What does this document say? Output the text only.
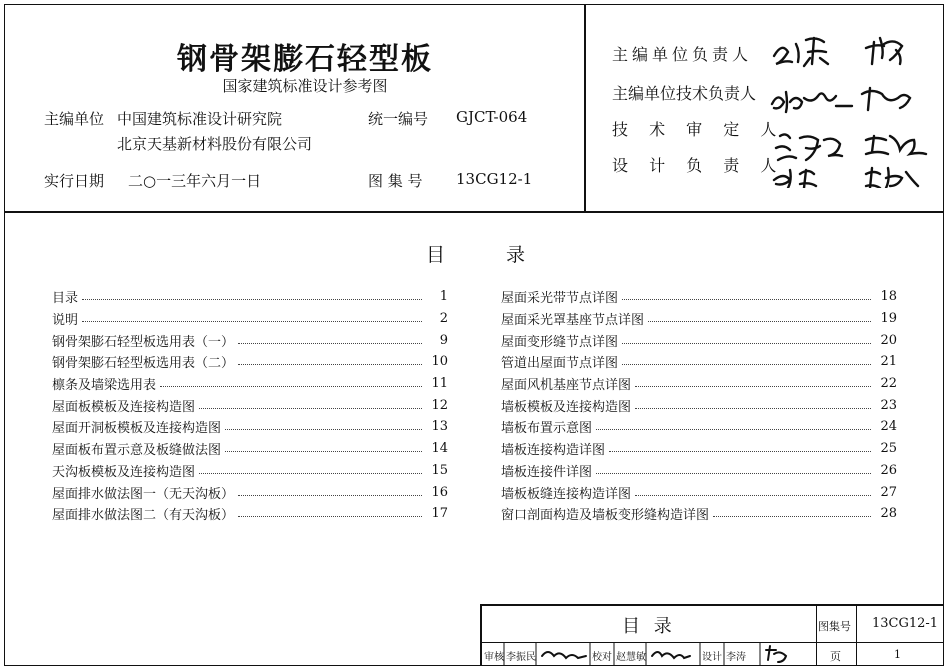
钢骨架膨石轻型板
国家建筑标准设计参考图
主编单位 中国建筑标准设计研究院
北京天基新材料股份有限公司
统一编号 GJCT-064
实行日期 二○一三年六月一日	图 集 号 13CG12-1
主编单位负责人
主编单位技术负责人
技 术 审 定 人
设 计 负 责 人
目	录
目录	1
说明	2
钢骨架膨石轻型板选用表（一）	9
钢骨架膨石轻型板选用表（二）	10
檩条及墙梁选用表	11
屋面板模板及连接构造图	12
屋面开洞板模板及连接构造图	13
屋面板布置示意及板缝做法图	14
天沟板模板及连接构造图	15
屋面排水做法图一（无天沟板）	16
屋面排水做法图二（有天沟板）	17
屋面采光带节点详图	18
屋面采光罩基座节点详图	19
屋面变形缝节点详图	20
管道出屋面节点详图	21
屋面风机基座节点详图	22
墙板模板及连接构造图	23
墙板布置示意图	24
墙板连接构造详图	25
墙板连接件详图	26
墙板板缝连接构造详图	27
窗口剖面构造及墙板变形缝构造详图	28
目 录	图集号 13CG12-1
审核 李振民	校对 赵慧敏	设计 李涛	页	1
